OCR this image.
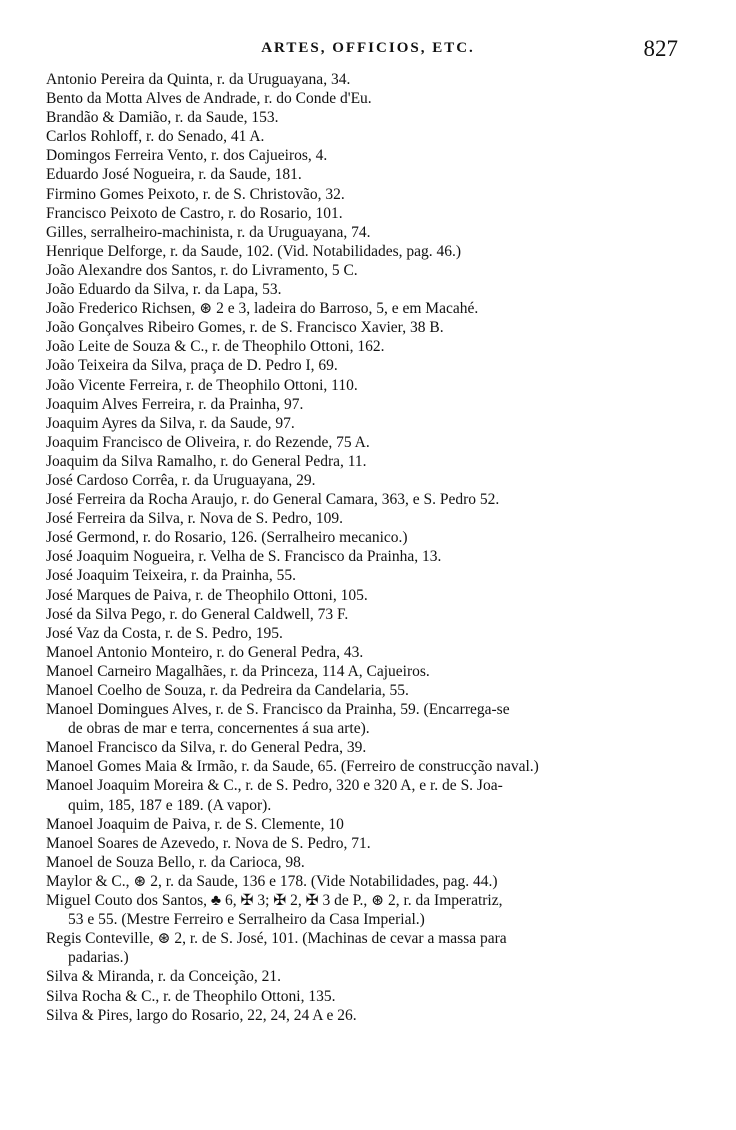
ARTES, OFFICIOS, ETC.	827
Antonio Pereira da Quinta, r. da Uruguayana, 34.
Bento da Motta Alves de Andrade, r. do Conde d'Eu.
Brandão & Damião, r. da Saude, 153.
Carlos Rohloff, r. do Senado, 41 A.
Domingos Ferreira Vento, r. dos Cajueiros, 4.
Eduardo José Nogueira, r. da Saude, 181.
Firmino Gomes Peixoto, r. de S. Christovão, 32.
Francisco Peixoto de Castro, r. do Rosario, 101.
Gilles, serralheiro-machinista, r. da Uruguayana, 74.
Henrique Delforge, r. da Saude, 102. (Vid. Notabilidades, pag. 46.)
João Alexandre dos Santos, r. do Livramento, 5 C.
João Eduardo da Silva, r. da Lapa, 53.
João Frederico Richsen, ⊛ 2 e 3, ladeira do Barroso, 5, e em Macahé.
João Gonçalves Ribeiro Gomes, r. de S. Francisco Xavier, 38 B.
João Leite de Souza & C., r. de Theophilo Ottoni, 162.
João Teixeira da Silva, praça de D. Pedro I, 69.
João Vicente Ferreira, r. de Theophilo Ottoni, 110.
Joaquim Alves Ferreira, r. da Prainha, 97.
Joaquim Ayres da Silva, r. da Saude, 97.
Joaquim Francisco de Oliveira, r. do Rezende, 75 A.
Joaquim da Silva Ramalho, r. do General Pedra, 11.
José Cardoso Corrêa, r. da Uruguayana, 29.
José Ferreira da Rocha Araujo, r. do General Camara, 363, e S. Pedro 52.
José Ferreira da Silva, r. Nova de S. Pedro, 109.
José Germond, r. do Rosario, 126. (Serralheiro mecanico.)
José Joaquim Nogueira, r. Velha de S. Francisco da Prainha, 13.
José Joaquim Teixeira, r. da Prainha, 55.
José Marques de Paiva, r. de Theophilo Ottoni, 105.
José da Silva Pego, r. do General Caldwell, 73 F.
José Vaz da Costa, r. de S. Pedro, 195.
Manoel Antonio Monteiro, r. do General Pedra, 43.
Manoel Carneiro Magalhães, r. da Princeza, 114 A, Cajueiros.
Manoel Coelho de Souza, r. da Pedreira da Candelaria, 55.
Manoel Domingues Alves, r. de S. Francisco da Prainha, 59. (Encarrega-se
de obras de mar e terra, concernentes á sua arte).
Manoel Francisco da Silva, r. do General Pedra, 39.
Manoel Gomes Maia & Irmão, r. da Saude, 65. (Ferreiro de construcção naval.)
Manoel Joaquim Moreira & C., r. de S. Pedro, 320 e 320 A, e r. de S. Joa-
quim, 185, 187 e 189. (A vapor).
Manoel Joaquim de Paiva, r. de S. Clemente, 10
Manoel Soares de Azevedo, r. Nova de S. Pedro, 71.
Manoel de Souza Bello, r. da Carioca, 98.
Maylor & C., ⊛ 2, r. da Saude, 136 e 178. (Vide Notabilidades, pag. 44.)
Miguel Couto dos Santos, ♣ 6, ✠ 3; ✠ 2, ✠ 3 de P., ⊛ 2, r. da Imperatriz,
53 e 55. (Mestre Ferreiro e Serralheiro da Casa Imperial.)
Regis Conteville, ⊛ 2, r. de S. José, 101. (Machinas de cevar a massa para
padarias.)
Silva & Miranda, r. da Conceição, 21.
Silva Rocha & C., r. de Theophilo Ottoni, 135.
Silva & Pires, largo do Rosario, 22, 24, 24 A e 26.
